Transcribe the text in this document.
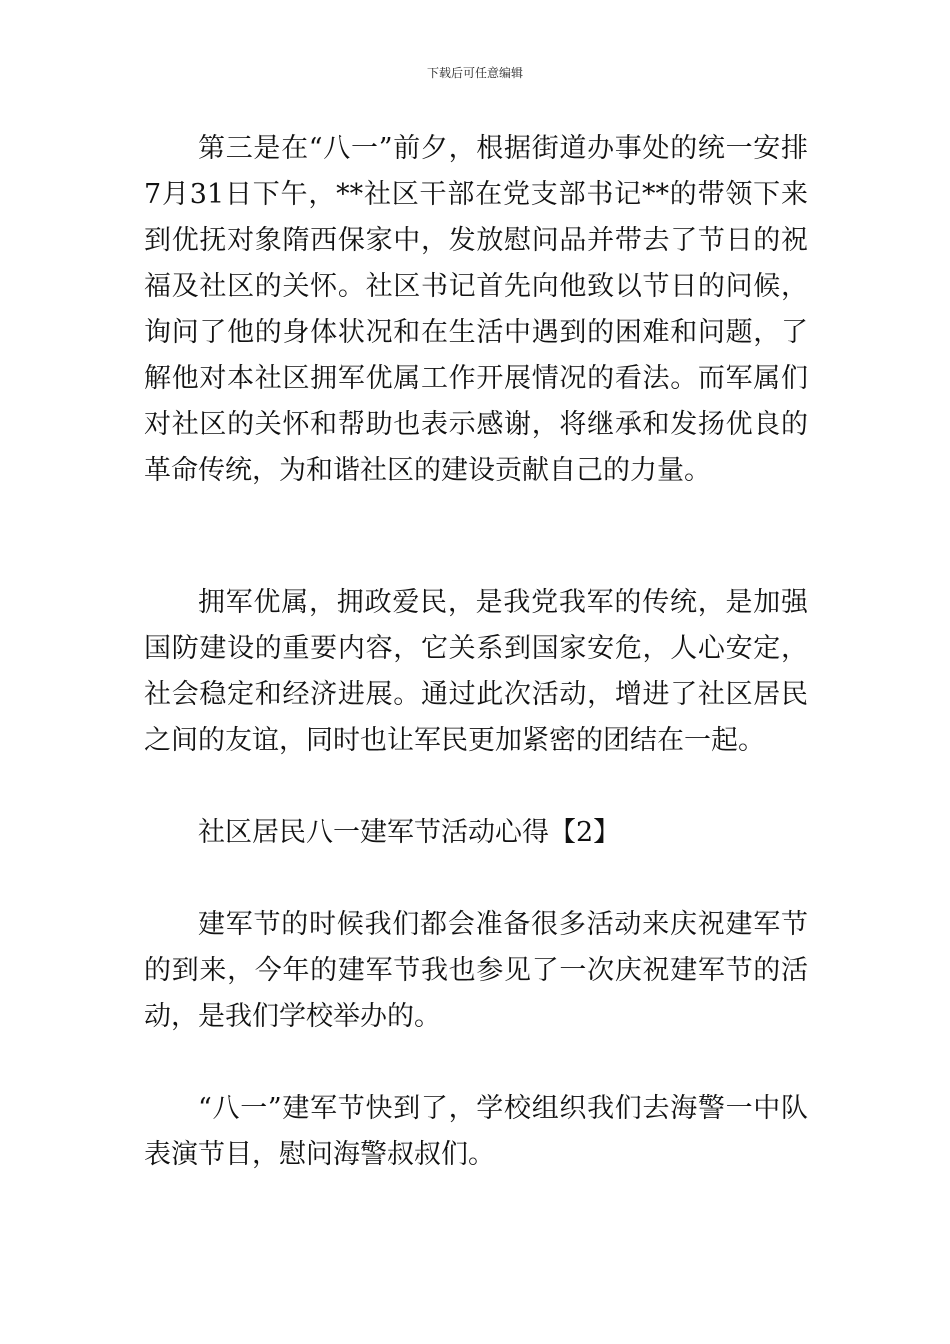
下载后可任意编辑

第三是在“八一”前夕，根据街道办事处的统一安排7月31日下午，**社区干部在党支部书记**的带领下来到优抚对象隋西保家中，发放慰问品并带去了节日的祝福及社区的关怀。社区书记首先向他致以节日的问候，询问了他的身体状况和在生活中遇到的困难和问题，了解他对本社区拥军优属工作开展情况的看法。而军属们对社区的关怀和帮助也表示感谢，将继承和发扬优良的革命传统，为和谐社区的建设贡献自己的力量。

拥军优属，拥政爱民，是我党我军的传统，是加强国防建设的重要内容，它关系到国家安危，人心安定，社会稳定和经济进展。通过此次活动，增进了社区居民之间的友谊，同时也让军民更加紧密的团结在一起。

社区居民八一建军节活动心得【2】

建军节的时候我们都会准备很多活动来庆祝建军节的到来，今年的建军节我也参见了一次庆祝建军节的活动，是我们学校举办的。

“八一”建军节快到了，学校组织我们去海警一中队表演节目，慰问海警叔叔们。
